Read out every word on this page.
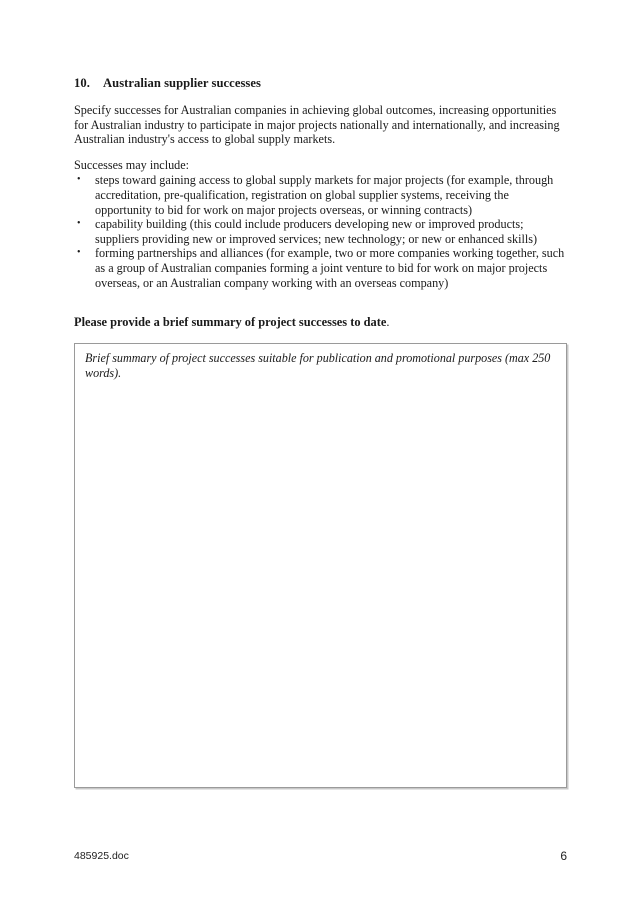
10.	Australian supplier successes

Specify successes for Australian companies in achieving global outcomes, increasing opportunities for Australian industry to participate in major projects nationally and internationally, and increasing Australian industry's access to global supply markets.

Successes may include:

• steps toward gaining access to global supply markets for major projects (for example, through accreditation, pre-qualification, registration on global supplier systems, receiving the opportunity to bid for work on major projects overseas, or winning contracts)
• capability building (this could include producers developing new or improved products; suppliers providing new or improved services; new technology; or new or enhanced skills)
• forming partnerships and alliances (for example, two or more companies working together, such as a group of Australian companies forming a joint venture to bid for work on major projects overseas, or an Australian company working with an overseas company)

Please provide a brief summary of project successes to date.

Brief summary of project successes suitable for publication and promotional purposes (max 250 words).
485925.doc	6
